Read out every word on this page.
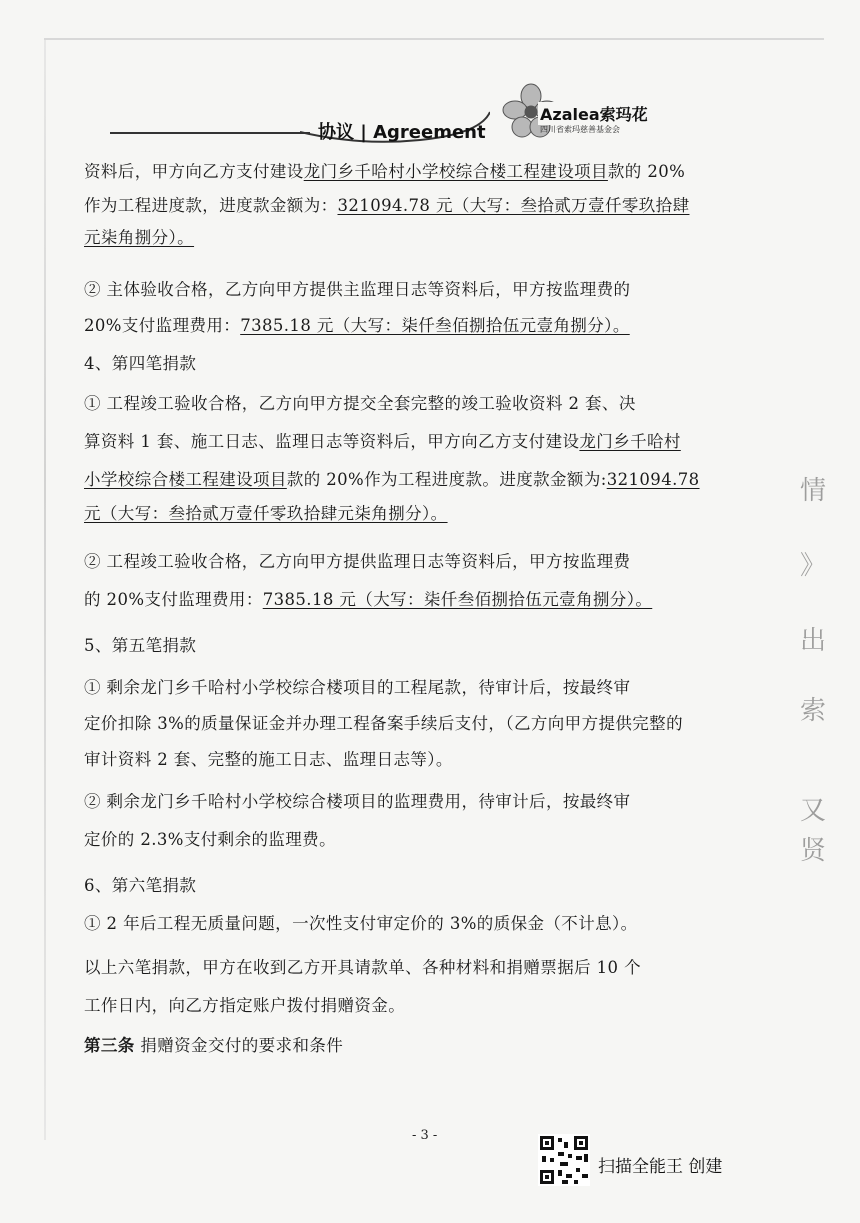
协议 | Agreement
Azalea索玛花
四川省索玛慈善基金会
资料后，甲方向乙方支付建设龙门乡千哈村小学校综合楼工程建设项目款的 20%
作为工程进度款，进度款金额为：321094.78 元（大写：叁拾贰万壹仟零玖拾肆
元柒角捌分）。
② 主体验收合格，乙方向甲方提供主监理日志等资料后，甲方按监理费的
20%支付监理费用：7385.18 元（大写：柒仟叁佰捌拾伍元壹角捌分）。
4、第四笔捐款
① 工程竣工验收合格，乙方向甲方提交全套完整的竣工验收资料 2 套、决
算资料 1 套、施工日志、监理日志等资料后，甲方向乙方支付建设龙门乡千哈村
小学校综合楼工程建设项目款的 20%作为工程进度款。进度款金额为:321094.78
元（大写：叁拾贰万壹仟零玖拾肆元柒角捌分）。
② 工程竣工验收合格，乙方向甲方提供监理日志等资料后，甲方按监理费
的 20%支付监理费用：7385.18 元（大写：柒仟叁佰捌拾伍元壹角捌分）。
5、第五笔捐款
① 剩余龙门乡千哈村小学校综合楼项目的工程尾款，待审计后，按最终审
定价扣除 3%的质量保证金并办理工程备案手续后支付，（乙方向甲方提供完整的
审计资料 2 套、完整的施工日志、监理日志等）。
② 剩余龙门乡千哈村小学校综合楼项目的监理费用，待审计后，按最终审
定价的 2.3%支付剩余的监理费。
6、第六笔捐款
① 2 年后工程无质量问题，一次性支付审定价的 3%的质保金（不计息）。
以上六笔捐款，甲方在收到乙方开具请款单、各种材料和捐赠票据后 10 个
工作日内，向乙方指定账户拨付捐赠资金。
第三条 捐赠资金交付的要求和条件
情
》
出
索
又
贤
- 3 -
扫描全能王 创建
